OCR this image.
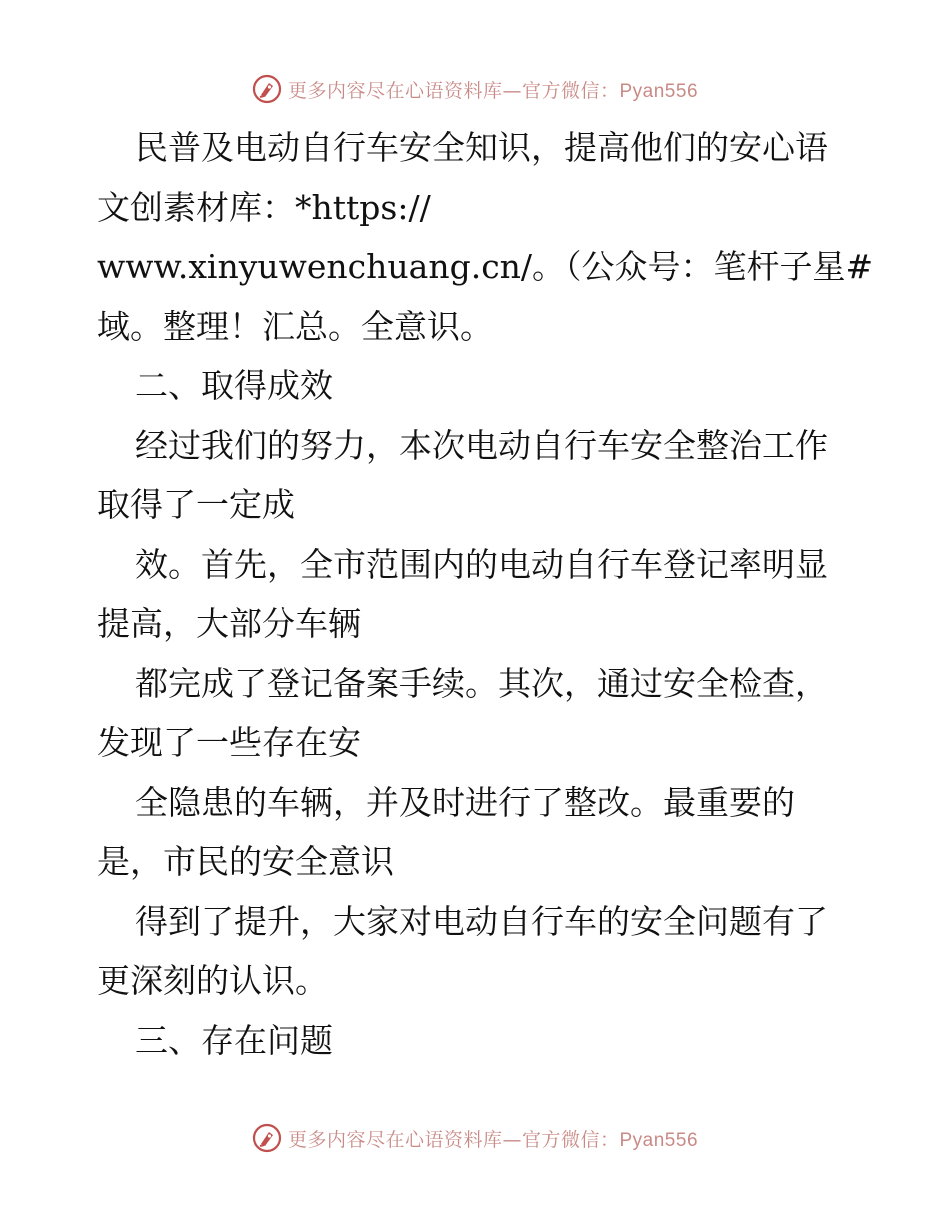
更多内容尽在心语资料库—官方微信：Pyan556
民普及电动自行车安全知识，提高他们的安心语
文创素材库：*https://
www.xinyuwenchuang.cn/。（公众号：笔杆子星#
域。整理！汇总。全意识。
二、取得成效
经过我们的努力，本次电动自行车安全整治工作
取得了一定成
效。首先，全市范围内的电动自行车登记率明显
提高，大部分车辆
都完成了登记备案手续。其次，通过安全检查，
发现了一些存在安
全隐患的车辆，并及时进行了整改。最重要的
是，市民的安全意识
得到了提升，大家对电动自行车的安全问题有了
更深刻的认识。
三、存在问题
更多内容尽在心语资料库—官方微信：Pyan556
